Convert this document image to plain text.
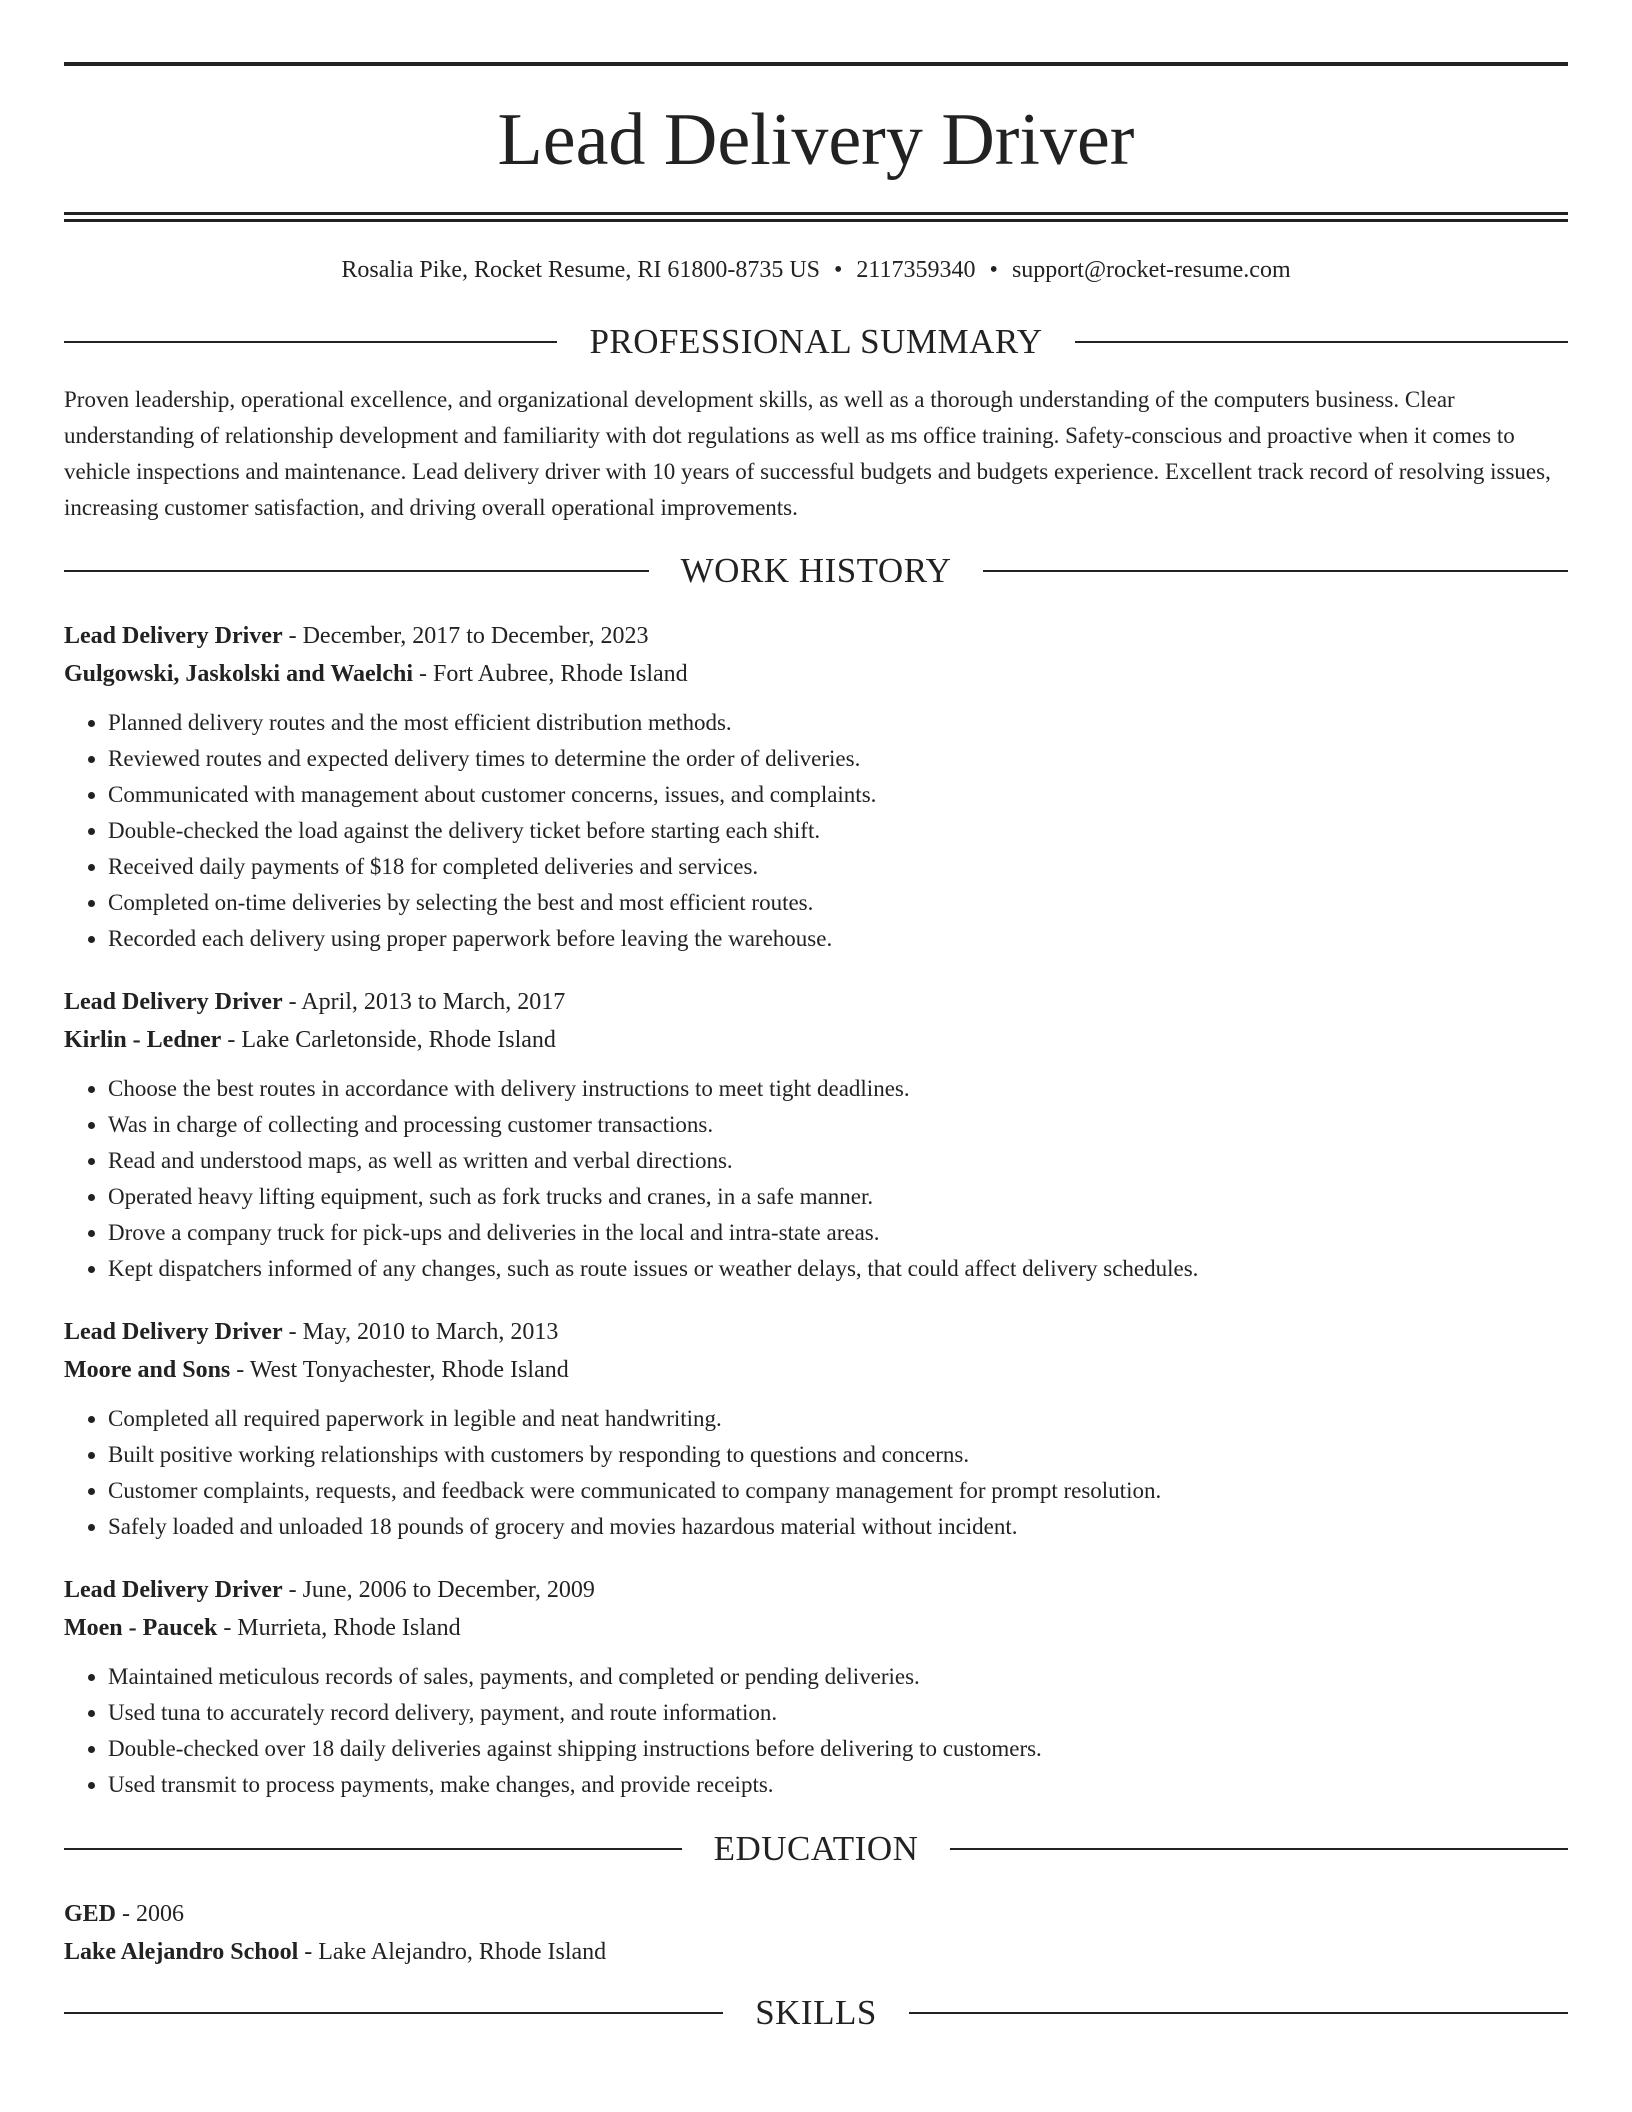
Lead Delivery Driver
Rosalia Pike, Rocket Resume, RI 61800-8735 US • 2117359340 • support@rocket-resume.com
PROFESSIONAL SUMMARY

Proven leadership, operational excellence, and organizational development skills, as well as a thorough understanding of the computers business. Clear understanding of relationship development and familiarity with dot regulations as well as ms office training. Safety-conscious and proactive when it comes to vehicle inspections and maintenance. Lead delivery driver with 10 years of successful budgets and budgets experience. Excellent track record of resolving issues, increasing customer satisfaction, and driving overall operational improvements.

WORK HISTORY
Lead Delivery Driver - December, 2017 to December, 2023
Gulgowski, Jaskolski and Waelchi - Fort Aubree, Rhode Island
• Planned delivery routes and the most efficient distribution methods.
• Reviewed routes and expected delivery times to determine the order of deliveries.
• Communicated with management about customer concerns, issues, and complaints.
• Double-checked the load against the delivery ticket before starting each shift.
• Received daily payments of $18 for completed deliveries and services.
• Completed on-time deliveries by selecting the best and most efficient routes.
• Recorded each delivery using proper paperwork before leaving the warehouse.
Lead Delivery Driver - April, 2013 to March, 2017
Kirlin - Ledner - Lake Carletonside, Rhode Island
• Choose the best routes in accordance with delivery instructions to meet tight deadlines.
• Was in charge of collecting and processing customer transactions.
• Read and understood maps, as well as written and verbal directions.
• Operated heavy lifting equipment, such as fork trucks and cranes, in a safe manner.
• Drove a company truck for pick-ups and deliveries in the local and intra-state areas.
• Kept dispatchers informed of any changes, such as route issues or weather delays, that could affect delivery schedules.
Lead Delivery Driver - May, 2010 to March, 2013
Moore and Sons - West Tonyachester, Rhode Island
• Completed all required paperwork in legible and neat handwriting.
• Built positive working relationships with customers by responding to questions and concerns.
• Customer complaints, requests, and feedback were communicated to company management for prompt resolution.
• Safely loaded and unloaded 18 pounds of grocery and movies hazardous material without incident.
Lead Delivery Driver - June, 2006 to December, 2009
Moen - Paucek - Murrieta, Rhode Island
• Maintained meticulous records of sales, payments, and completed or pending deliveries.
• Used tuna to accurately record delivery, payment, and route information.
• Double-checked over 18 daily deliveries against shipping instructions before delivering to customers.
• Used transmit to process payments, make changes, and provide receipts.
EDUCATION
GED - 2006
Lake Alejandro School - Lake Alejandro, Rhode Island
SKILLS
